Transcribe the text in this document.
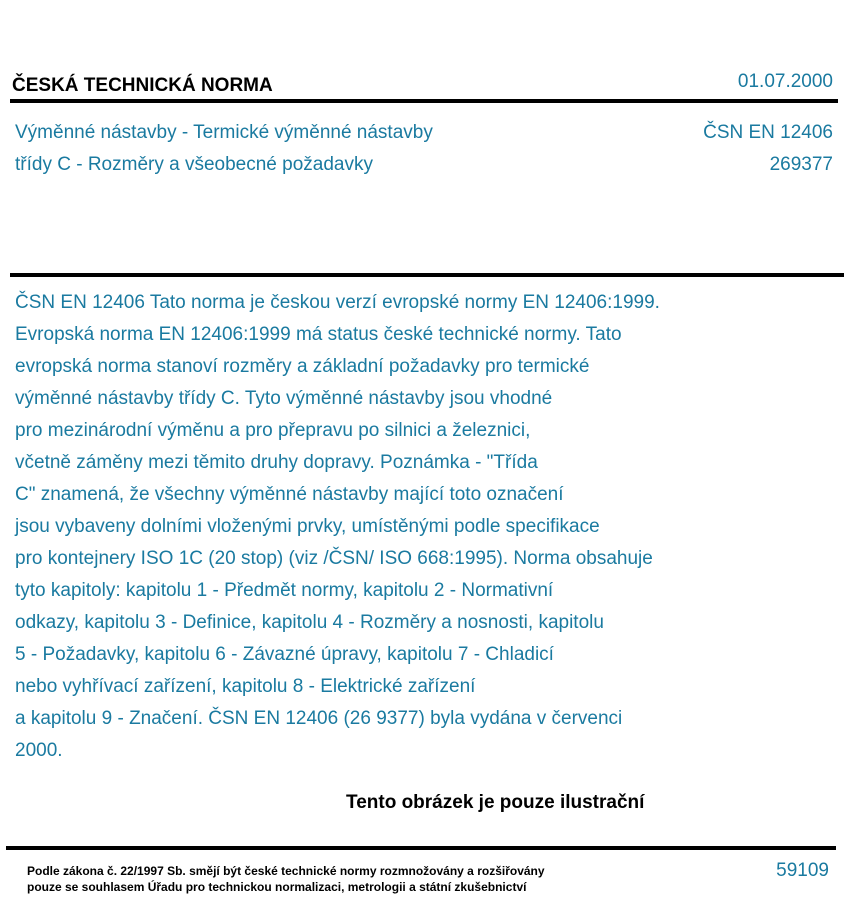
ČESKÁ TECHNICKÁ NORMA	01.07.2000
Výměnné nástavby - Termické výměnné nástavby
třídy C - Rozměry a všeobecné požadavky
ČSN EN 12406
269377
ČSN EN 12406 Tato norma je českou verzí evropské normy EN 12406:1999.
Evropská norma EN 12406:1999 má status české technické normy. Tato
evropská norma stanoví rozměry a základní požadavky pro termické
výměnné nástavby třídy C. Tyto výměnné nástavby jsou vhodné
pro mezinárodní výměnu a pro přepravu po silnici a železnici,
včetně záměny mezi těmito druhy dopravy. Poznámka - "Třída
C" znamená, že všechny výměnné nástavby mající toto označení
jsou vybaveny dolními vloženými prvky, umístěnými podle specifikace
pro kontejnery ISO 1C (20 stop) (viz /ČSN/ ISO 668:1995). Norma obsahuje
tyto kapitoly: kapitolu 1 - Předmět normy, kapitolu 2 - Normativní
odkazy, kapitolu 3 - Definice, kapitolu 4 - Rozměry a nosnosti, kapitolu
5 - Požadavky, kapitolu 6 - Závazné úpravy, kapitolu 7 - Chladicí
nebo vyhřívací zařízení, kapitolu 8 - Elektrické zařízení
a kapitolu 9 - Značení. ČSN EN 12406 (26 9377) byla vydána v červenci
2000.
Tento obrázek je pouze ilustrační
Podle zákona č. 22/1997 Sb. smějí být české technické normy rozmnožovány a rozšiřovány
pouze se souhlasem Úřadu pro technickou normalizaci, metrologii a státní zkušebnictví
59109
